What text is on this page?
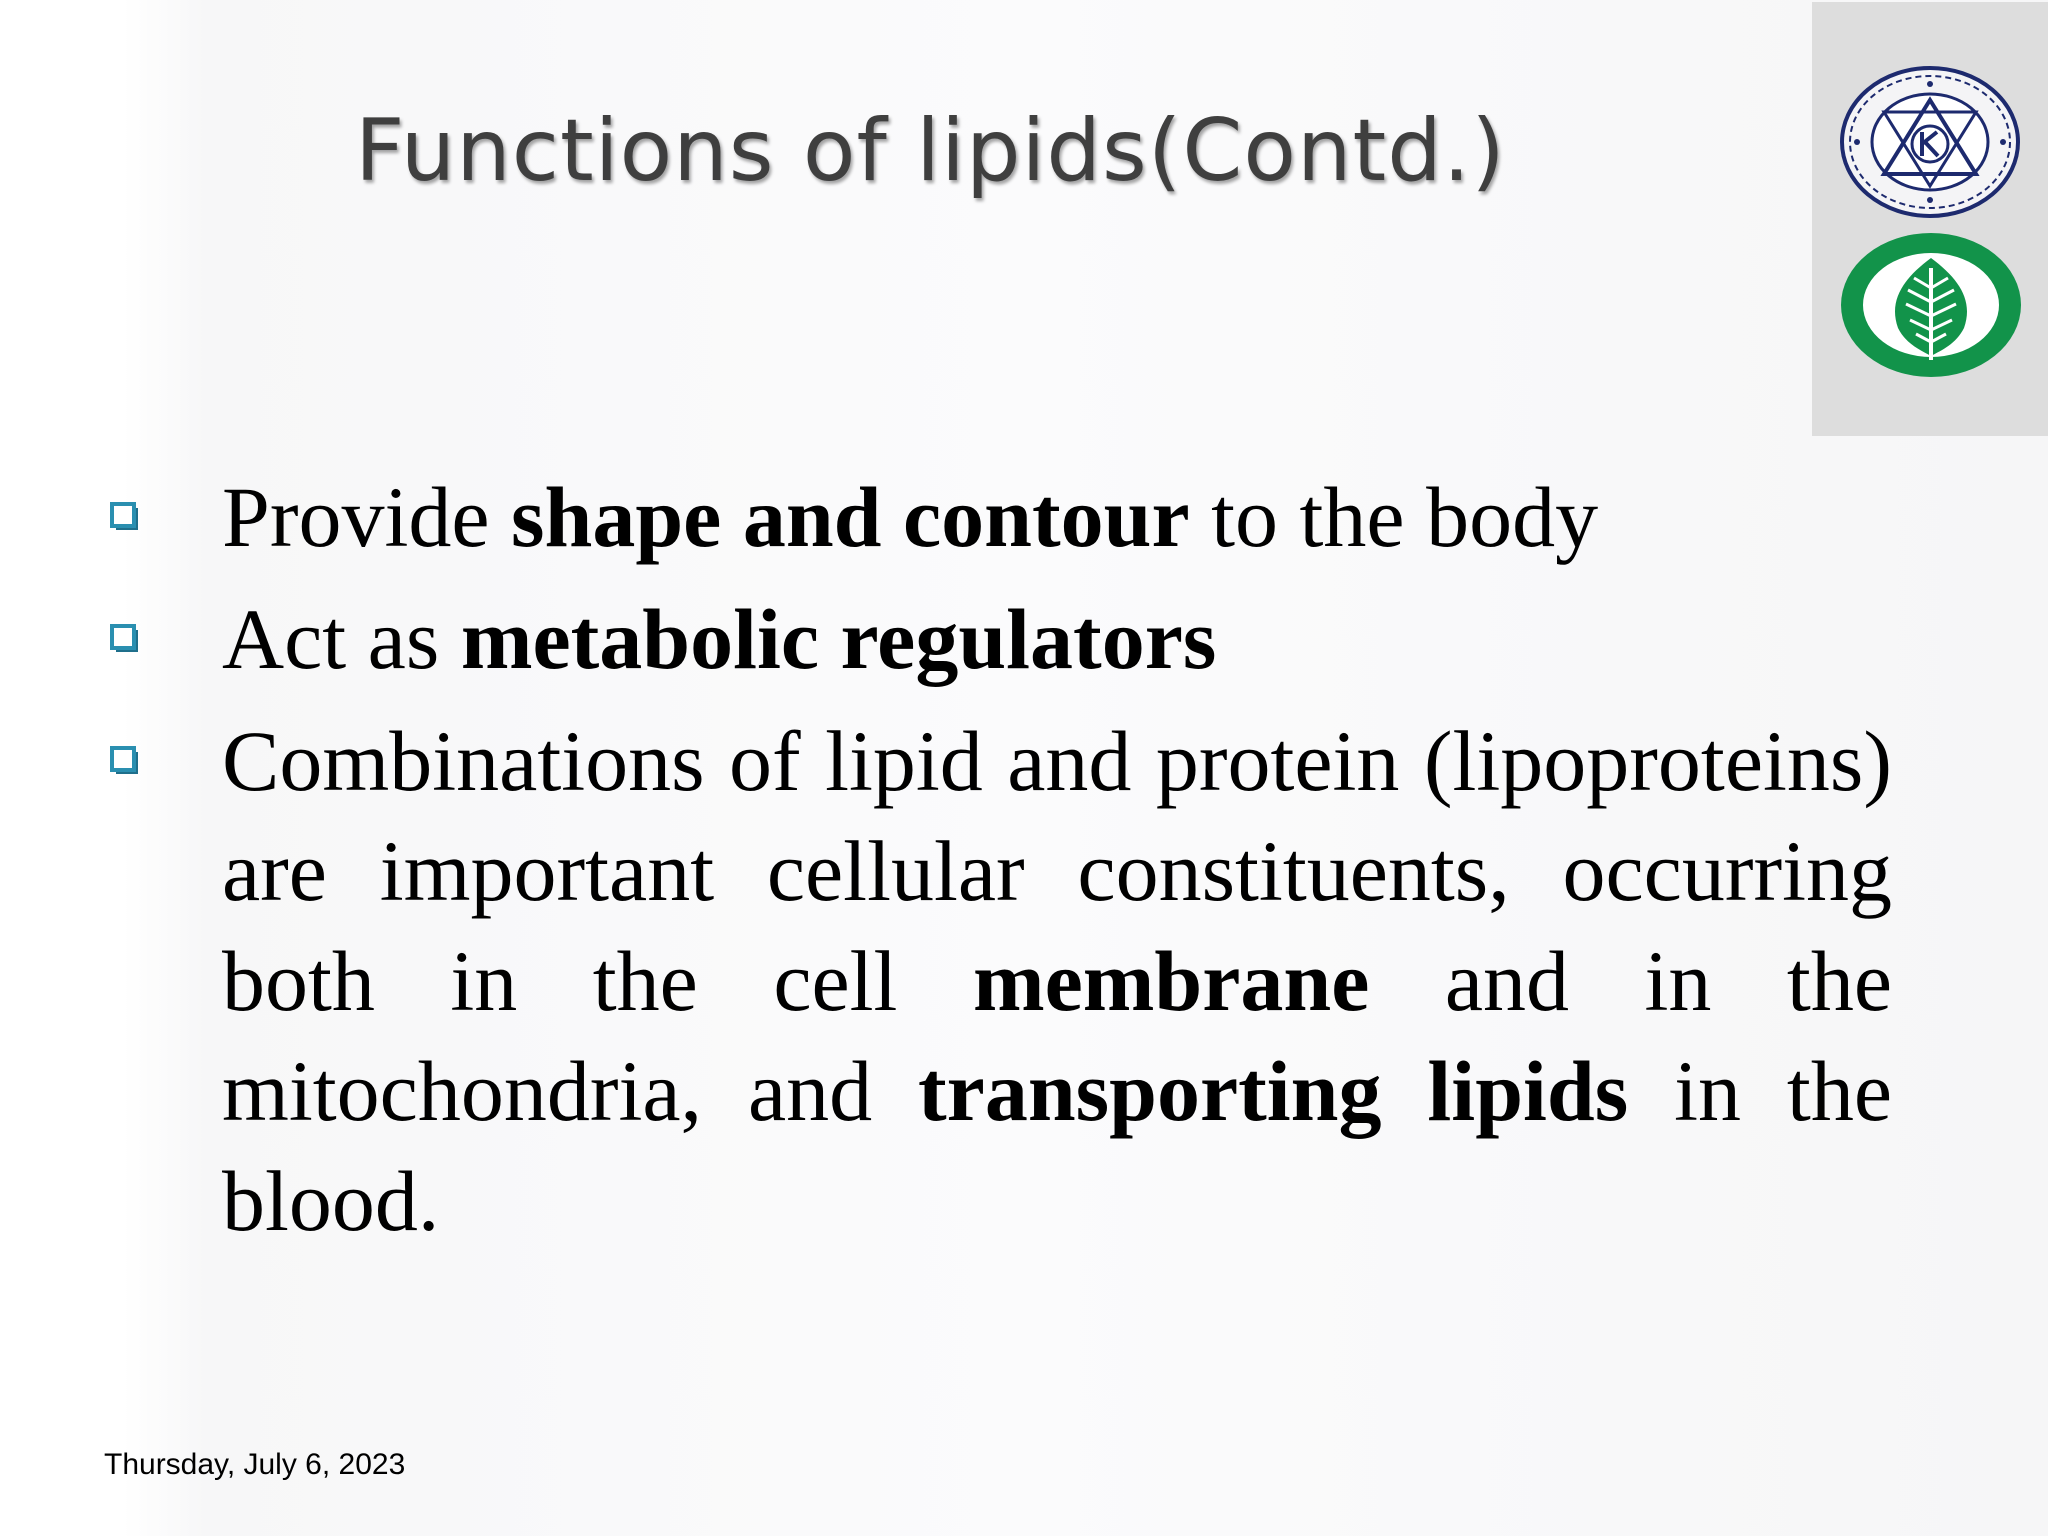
Functions of lipids(Contd.)
Provide shape and contour to the body
Act as metabolic regulators
Combinations of lipid and protein (lipoproteins) are important cellular constituents, occurring both in the cell membrane and in the mitochondria, and transporting lipids in the blood.
Thursday, July 6, 2023
